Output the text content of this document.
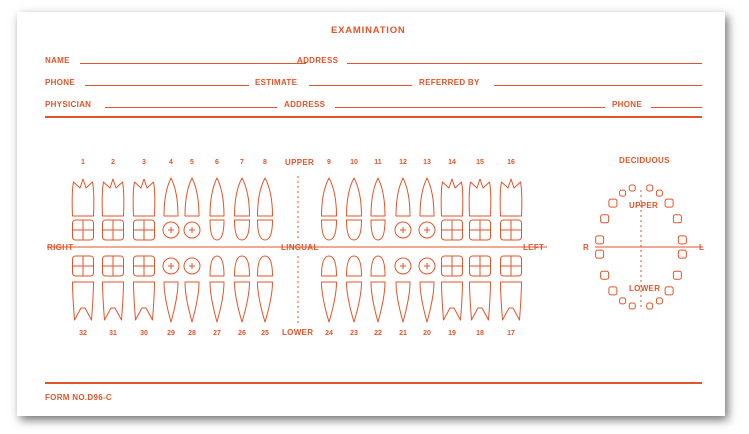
EXAMINATION
NAME	ADDRESS
PHONE	ESTIMATE	REFERRED BY
PHYSICIAN	ADDRESS	PHONE
1
32
2
31
3
30
4
29
5
28
6
27
7
26
8
25
9
24
10
23
11
22
12
21
13
20
14
19
15
18
16
17
UPPER
LOWER
RIGHT	LEFT
LINGUAL
DECIDUOUS
UPPER
LOWER
R	L
FORM NO.D96-C
